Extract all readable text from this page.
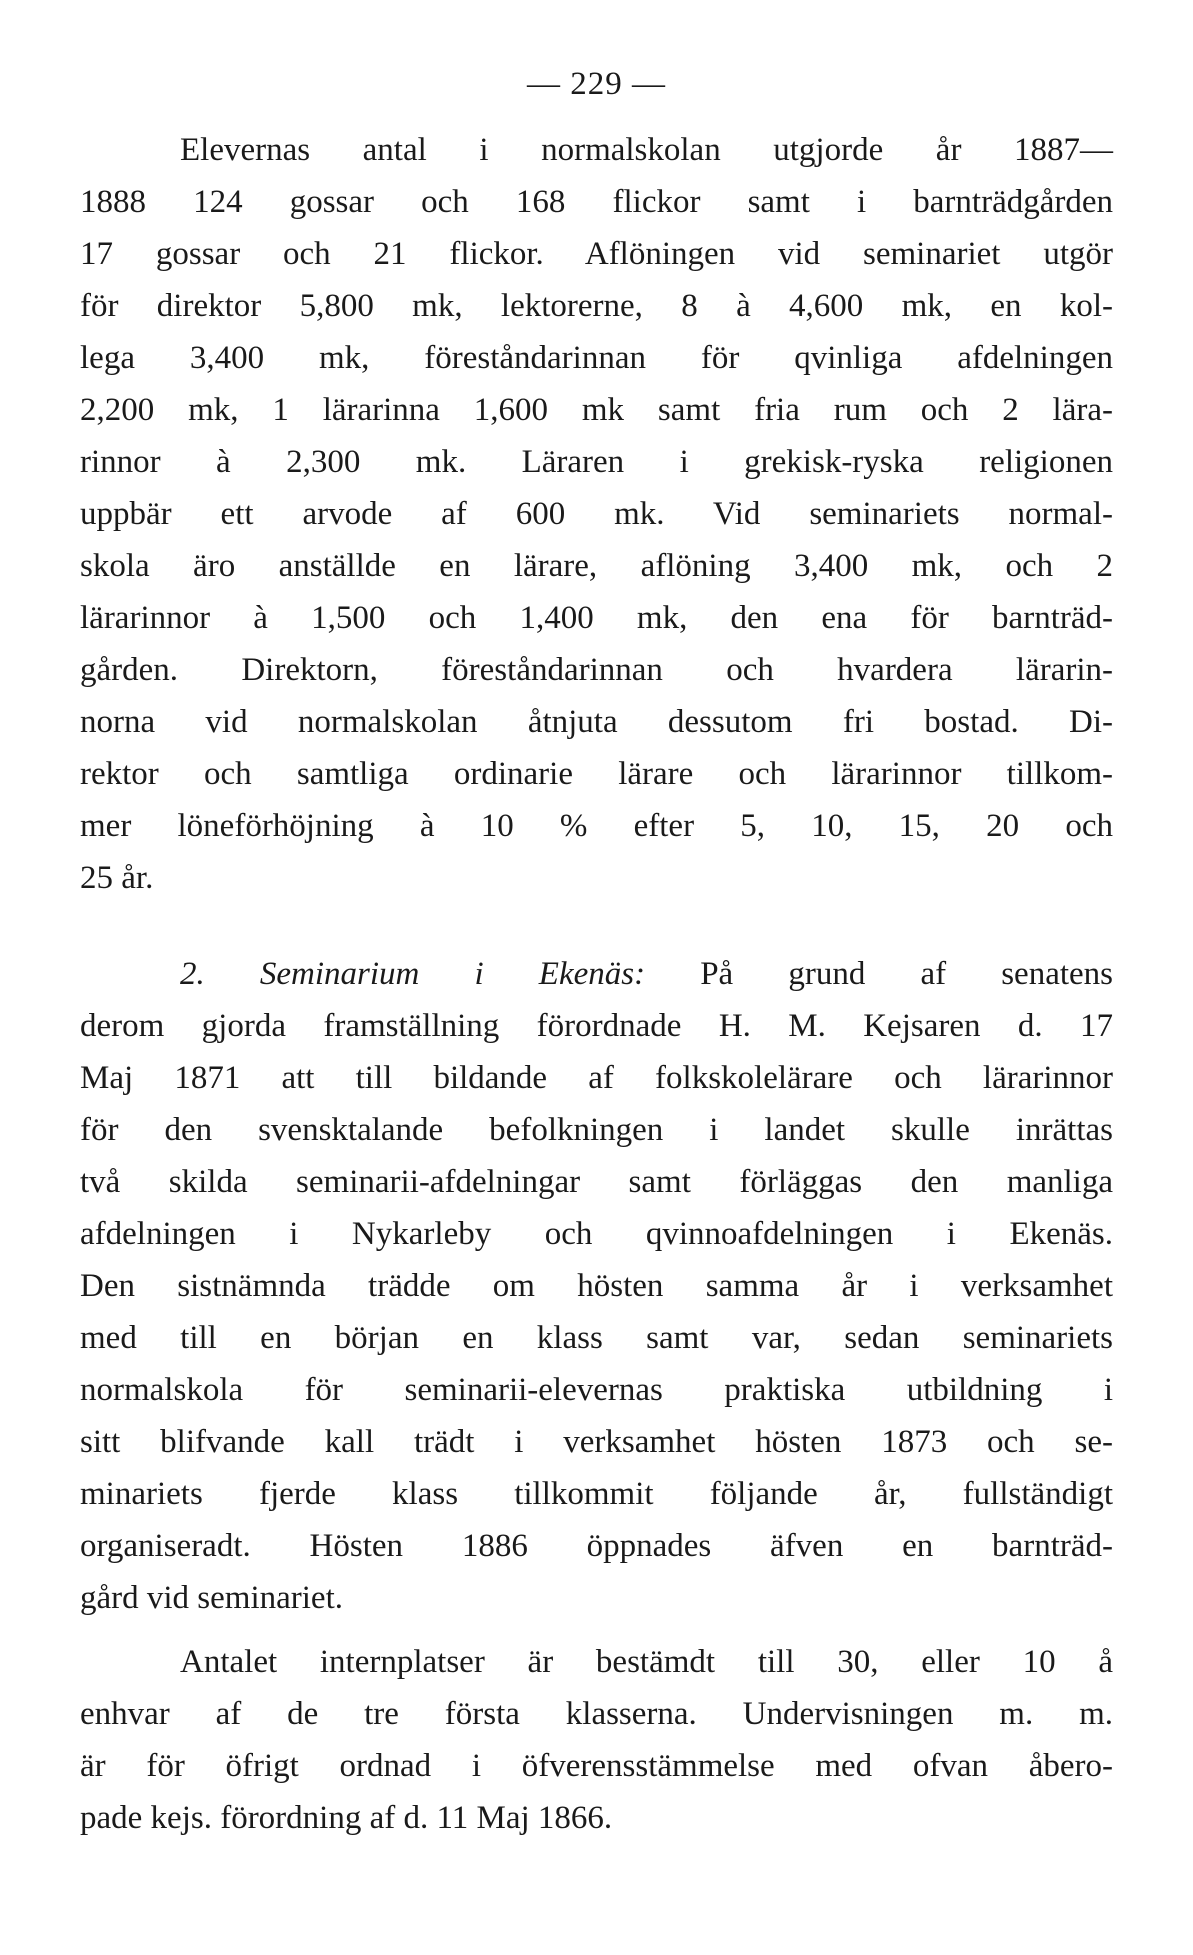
— 229 —
Elevernas antal i normalskolan utgjorde år 1887—
1888 124 gossar och 168 flickor samt i barnträdgården
17 gossar och 21 flickor. Aflöningen vid seminariet utgör
för direktor 5,800 mk, lektorerne, 8 à 4,600 mk, en kol-
lega 3,400 mk, föreståndarinnan för qvinliga afdelningen
2,200 mk, 1 lärarinna 1,600 mk samt fria rum och 2 lära-
rinnor à 2,300 mk. Läraren i grekisk-ryska religionen
uppbär ett arvode af 600 mk. Vid seminariets normal-
skola äro anställde en lärare, aflöning 3,400 mk, och 2
lärarinnor à 1,500 och 1,400 mk, den ena för barnträd-
gården. Direktorn, föreståndarinnan och hvardera lärarin-
norna vid normalskolan åtnjuta dessutom fri bostad. Di-
rektor och samtliga ordinarie lärare och lärarinnor tillkom-
mer löneförhöjning à 10 % efter 5, 10, 15, 20 och
25 år.
2. Seminarium i Ekenäs: På grund af senatens
derom gjorda framställning förordnade H. M. Kejsaren d. 17
Maj 1871 att till bildande af folkskolelärare och lärarinnor
för den svensktalande befolkningen i landet skulle inrättas
två skilda seminarii-afdelningar samt förläggas den manliga
afdelningen i Nykarleby och qvinnoafdelningen i Ekenäs.
Den sistnämnda trädde om hösten samma år i verksamhet
med till en början en klass samt var, sedan seminariets
normalskola för seminarii-elevernas praktiska utbildning i
sitt blifvande kall trädt i verksamhet hösten 1873 och se-
minariets fjerde klass tillkommit följande år, fullständigt
organiseradt. Hösten 1886 öppnades äfven en barnträd-
gård vid seminariet.
Antalet internplatser är bestämdt till 30, eller 10 å
enhvar af de tre första klasserna. Undervisningen m. m.
är för öfrigt ordnad i öfverensstämmelse med ofvan åbero-
pade kejs. förordning af d. 11 Maj 1866.
